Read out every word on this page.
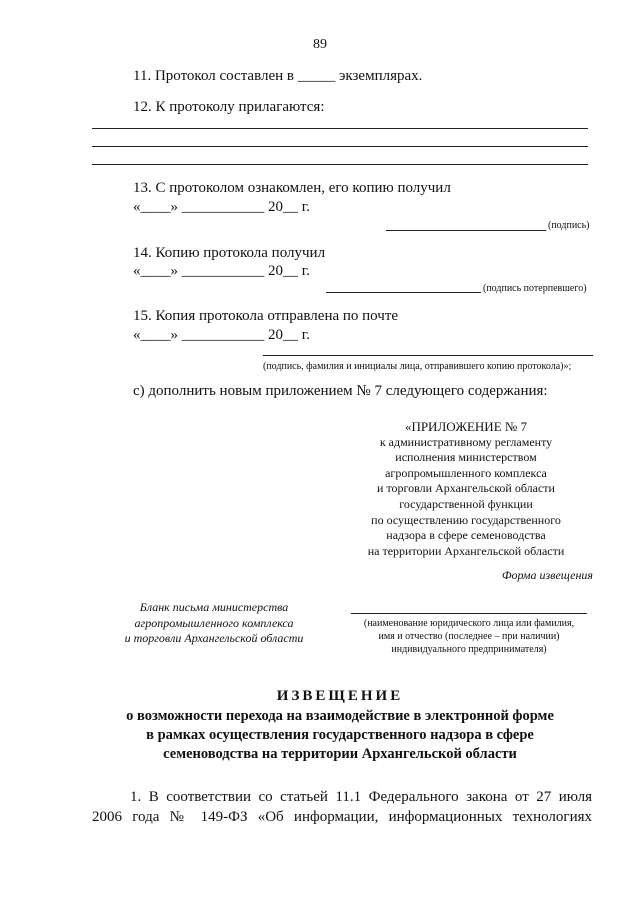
89
11. Протокол составлен в _____ экземплярах.
12. К протоколу прилагаются:
13. С протоколом ознакомлен, его копию получил
«____» ___________ 20__ г.
(подпись)
14. Копию протокола получил
«____» ___________ 20__ г.
(подпись потерпевшего)
15. Копия протокола отправлена по почте
«____» ___________ 20__ г.
(подпись, фамилия и инициалы лица, отправившего копию протокола)»;
с) дополнить новым приложением № 7 следующего содержания:
«ПРИЛОЖЕНИЕ № 7
к административному регламенту
исполнения министерством
агропромышленного комплекса
и торговли Архангельской области
государственной функции
по осуществлению государственного
надзора в сфере семеноводства
на территории Архангельской области
Форма извещения
Бланк письма министерства
агропромышленного комплекса
и торговли Архангельской области
(наименование юридического лица или фамилия,
имя и отчество (последнее – при наличии)
индивидуального предпринимателя)
ИЗВЕЩЕНИЕ
о возможности перехода на взаимодействие в электронной форме
в рамках осуществления государственного надзора в сфере
семеноводства на территории Архангельской области
1. В соответствии со статьей 11.1 Федерального закона от 27 июля
2006 года № 149-ФЗ «Об информации, информационных технологиях
